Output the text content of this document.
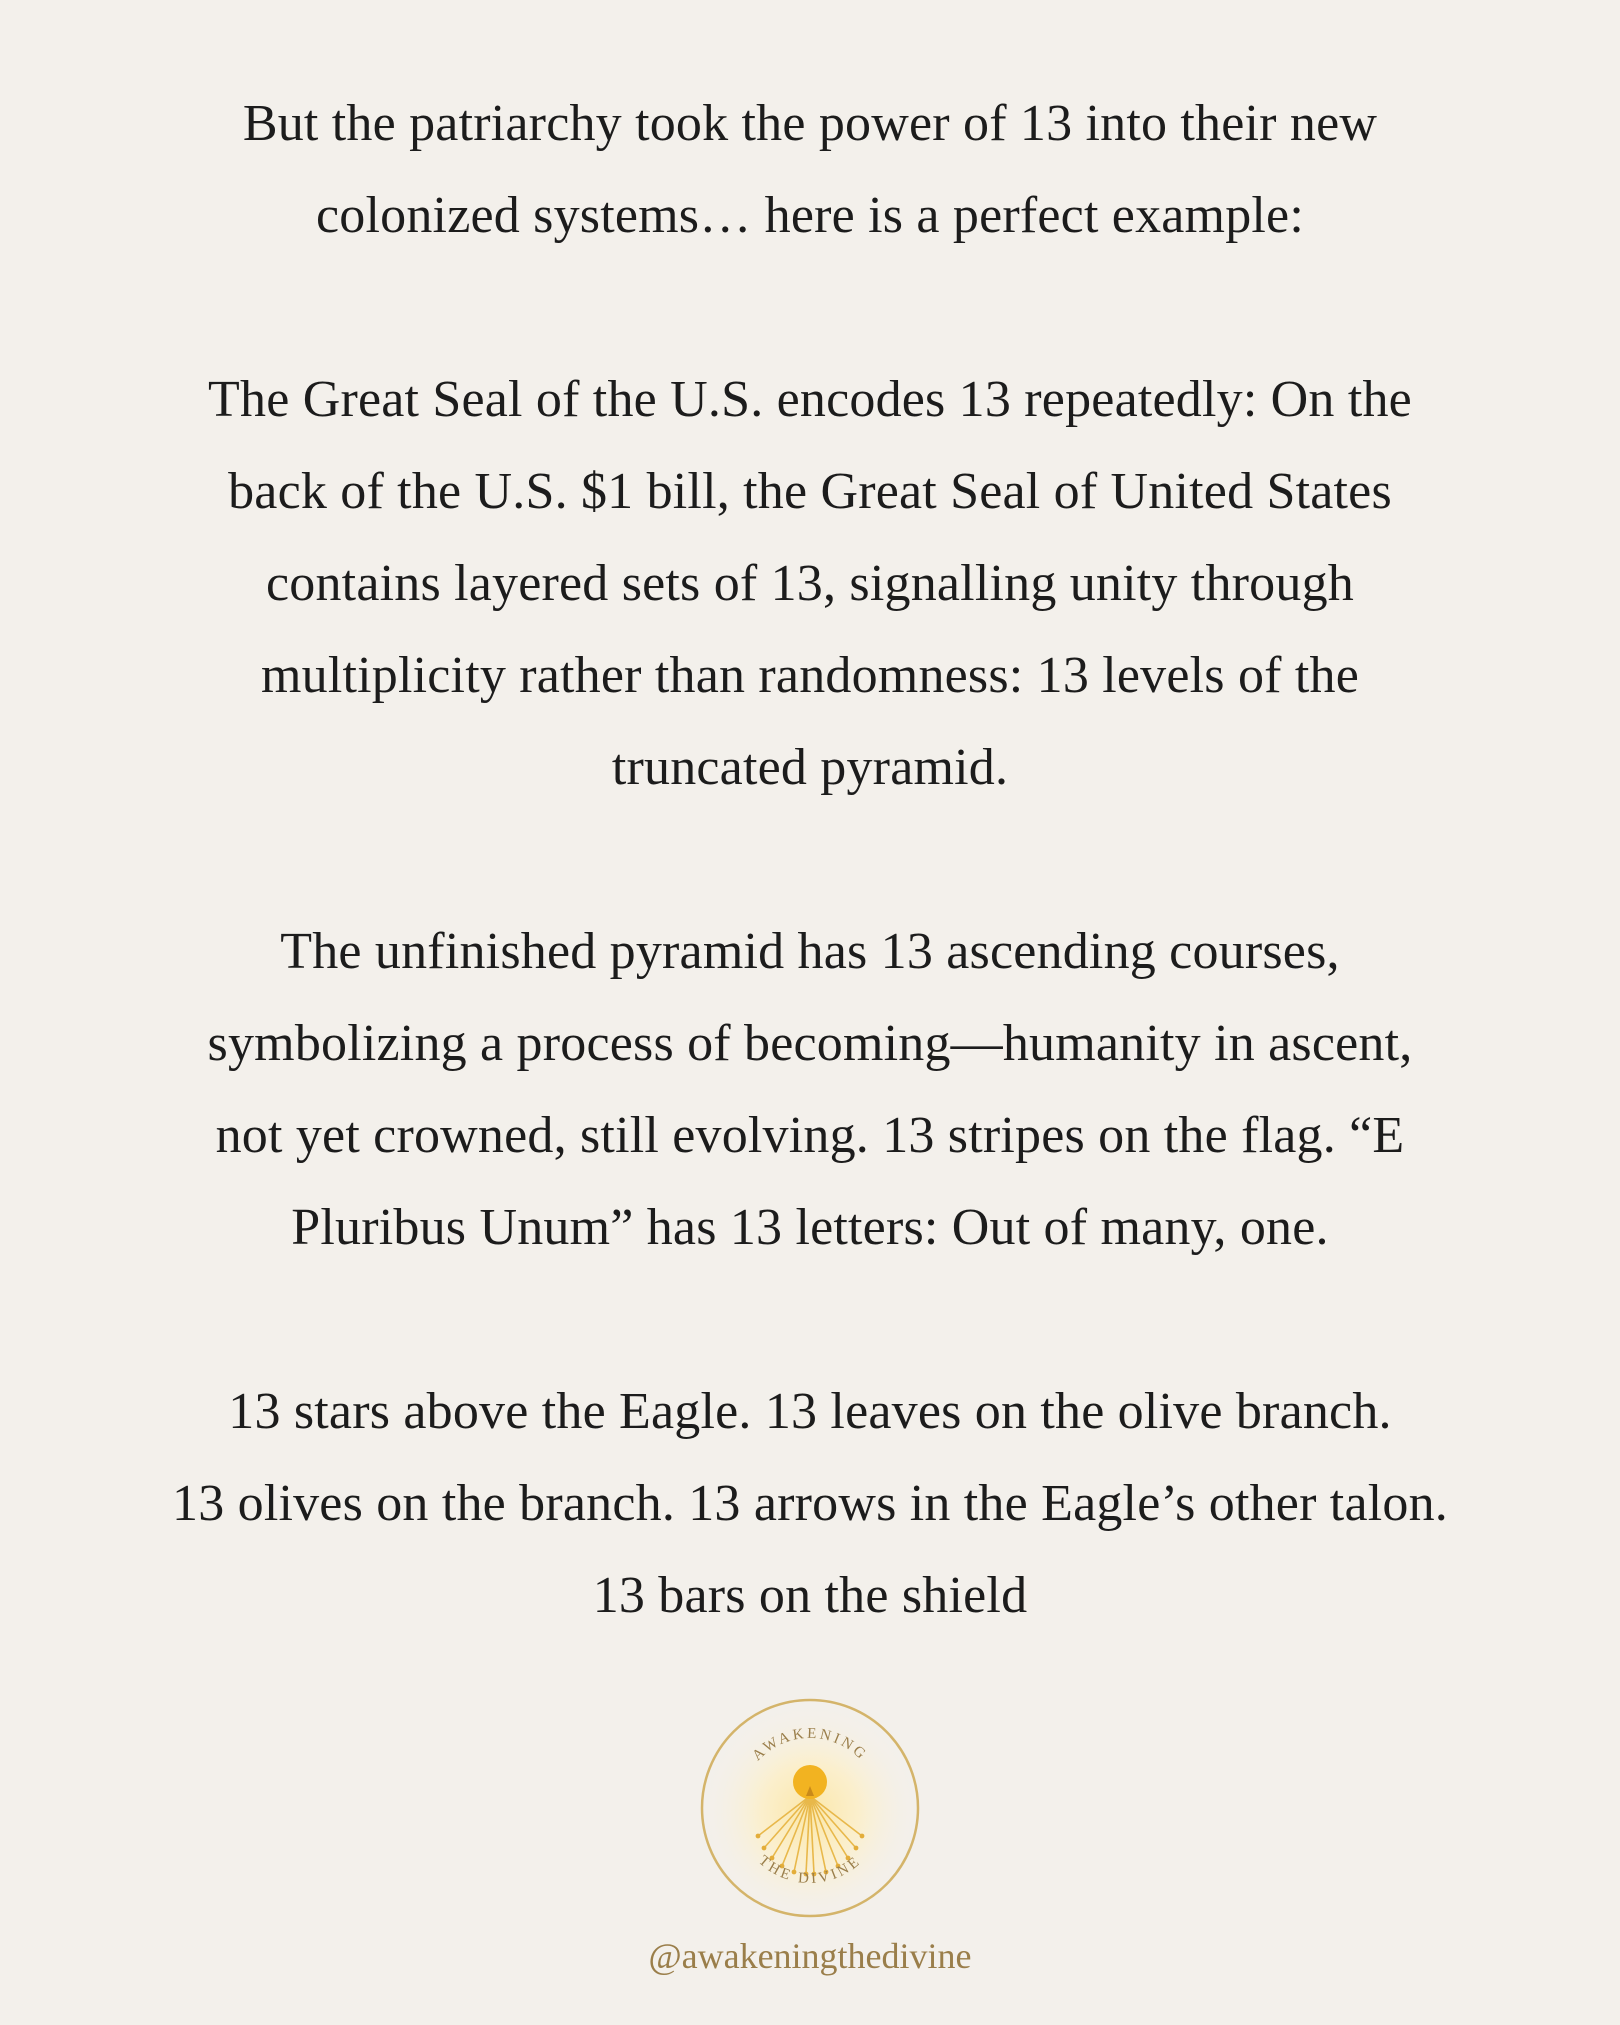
But the patriarchy took the power of 13 into their new
colonized systems… here is a perfect example:

The Great Seal of the U.S. encodes 13 repeatedly: On the
back of the U.S. $1 bill, the Great Seal of United States
contains layered sets of 13, signalling unity through
multiplicity rather than randomness: 13 levels of the
truncated pyramid.

The unfinished pyramid has 13 ascending courses,
symbolizing a process of becoming—humanity in ascent,
not yet crowned, still evolving. 13 stripes on the flag. “E
Pluribus Unum” has 13 letters: Out of many, one.

13 stars above the Eagle. 13 leaves on the olive branch.
13 olives on the branch. 13 arrows in the Eagle’s other talon.
13 bars on the shield

AWAKENING
THE DIVINE
@awakeningthedivine
